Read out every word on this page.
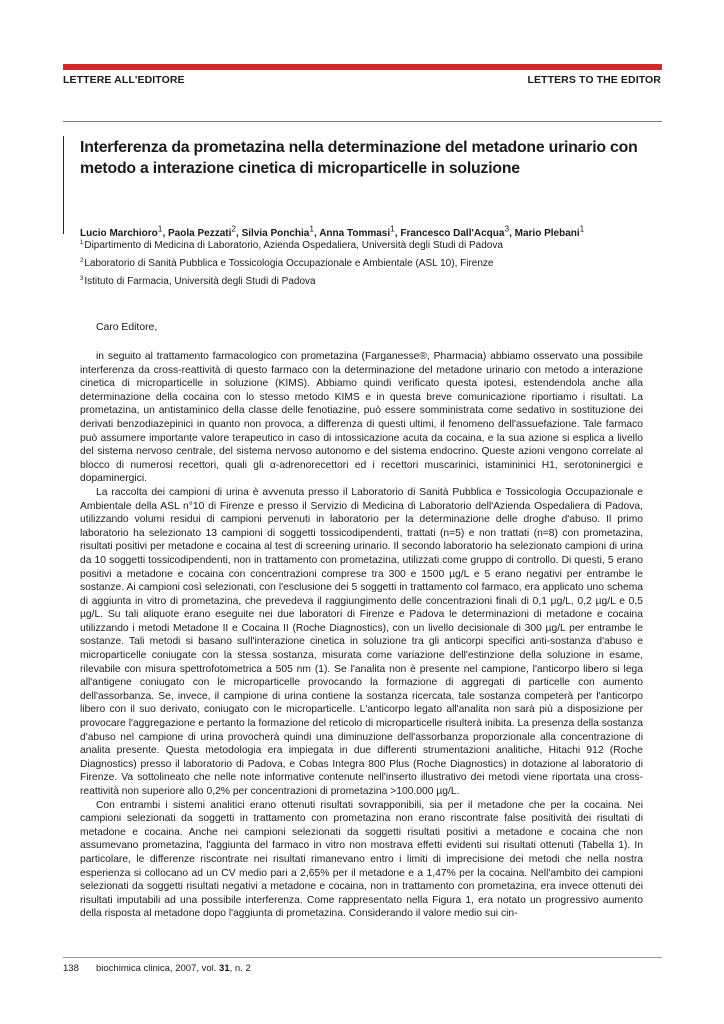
LETTERE ALL'EDITORE	LETTERS TO THE EDITOR
Interferenza da prometazina nella determinazione del metadone urinario con metodo a interazione cinetica di microparticelle in soluzione
Lucio Marchioro$^1$, Paola Pezzati$^2$, Silvia Ponchia$^1$, Anna Tommasi$^1$, Francesco Dall'Acqua$^3$, Mario Plebani$^1$
$^1$Dipartimento di Medicina di Laboratorio, Azienda Ospedaliera, Università degli Studi di Padova
$^2$Laboratorio di Sanità Pubblica e Tossicologia Occupazionale e Ambientale (ASL 10), Firenze
$^3$Istituto di Farmacia, Università degli Studi di Padova
Caro Editore,

in seguito al trattamento farmacologico con prometazina (Farganesse®, Pharmacia) abbiamo osservato una possibile interferenza da cross-reattività di questo farmaco con la determinazione del metadone urinario con metodo a interazione cinetica di microparticelle in soluzione (KIMS). Abbiamo quindi verificato questa ipotesi, estendendola anche alla determinazione della cocaina con lo stesso metodo KIMS e in questa breve comunicazione riportiamo i risultati. La prometazina, un antistaminico della classe delle fenotiazine, può essere somministrata come sedativo in sostituzione dei derivati benzodiazepinici in quanto non provoca, a differenza di questi ultimi, il fenomeno dell'assuefazione. Tale farmaco può assumere importante valore terapeutico in caso di intossicazione acuta da cocaina, e la sua azione si esplica a livello del sistema nervoso centrale, del sistema nervoso autonomo e del sistema endocrino. Queste azioni vengono correlate al blocco di numerosi recettori, quali gli α-adrenorecettori ed i recettori muscarinici, istamininici H1, serotoninergici e dopaminergici.

La raccolta dei campioni di urina è avvenuta presso il Laboratorio di Sanità Pubblica e Tossicologia Occupazionale e Ambientale della ASL n°10 di Firenze e presso il Servizio di Medicina di Laboratorio dell'Azienda Ospedaliera di Padova, utilizzando volumi residui di campioni pervenuti in laboratorio per la determinazione delle droghe d'abuso. Il primo laboratorio ha selezionato 13 campioni di soggetti tossicodipendenti, trattati (n=5) e non trattati (n=8) con prometazina, risultati positivi per metadone e cocaina al test di screening urinario. Il secondo laboratorio ha selezionato campioni di urina da 10 soggetti tossicodipendenti, non in trattamento con prometazina, utilizzati come gruppo di controllo. Di questi, 5 erano positivi a metadone e cocaina con concentrazioni comprese tra 300 e 1500 µg/L e 5 erano negativi per entrambe le sostanze. Ai campioni così selezionati, con l'esclusione dei 5 soggetti in trattamento col farmaco, era applicato uno schema di aggiunta in vitro di prometazina, che prevedeva il raggiungimento delle concentrazioni finali di 0,1 µg/L, 0,2 µg/L e 0,5 µg/L. Su tali aliquote erano eseguite nei due laboratori di Firenze e Padova le determinazioni di metadone e cocaina utilizzando i metodi Metadone II e Cocaina II (Roche Diagnostics), con un livello decisionale di 300 µg/L per entrambe le sostanze. Tali metodi si basano sull'interazione cinetica in soluzione tra gli anticorpi specifici anti-sostanza d'abuso e microparticelle coniugate con la stessa sostanza, misurata come variazione dell'estinzione della soluzione in esame, rilevabile con misura spettrofotometrica a 505 nm (1). Se l'analita non è presente nel campione, l'anticorpo libero si lega all'antigene coniugato con le microparticelle provocando la formazione di aggregati di particelle con aumento dell'assorbanza. Se, invece, il campione di urina contiene la sostanza ricercata, tale sostanza competerà per l'anticorpo libero con il suo derivato, coniugato con le microparticelle. L'anticorpo legato all'analita non sarà più a disposizione per provocare l'aggregazione e pertanto la formazione del reticolo di microparticelle risulterà inibita. La presenza della sostanza d'abuso nel campione di urina provocherà quindi una diminuzione dell'assorbanza proporzionale alla concentrazione di analita presente. Questa metodologia era impiegata in due differenti strumentazioni analitiche, Hitachi 912 (Roche Diagnostics) presso il laboratorio di Padova, e Cobas Integra 800 Plus (Roche Diagnostics) in dotazione al laboratorio di Firenze. Va sottolineato che nelle note informative contenute nell'inserto illustrativo dei metodi viene riportata una cross-reattività non superiore allo 0,2% per concentrazioni di prometazina >100.000 µg/L.

Con entrambi i sistemi analitici erano ottenuti risultati sovrapponibili, sia per il metadone che per la cocaina. Nei campioni selezionati da soggetti in trattamento con prometazina non erano riscontrate false positività dei risultati di metadone e cocaina. Anche nei campioni selezionati da soggetti risultati positivi a metadone e cocaina che non assumevano prometazina, l'aggiunta del farmaco in vitro non mostrava effetti evidenti sui risultati ottenuti (Tabella 1). In particolare, le differenze riscontrate nei risultati rimanevano entro i limiti di imprecisione dei metodi che nella nostra esperienza si collocano ad un CV medio pari a 2,65% per il metadone e a 1,47% per la cocaina. Nell'ambito dei campioni selezionati da soggetti risultati negativi a metadone e cocaina, non in trattamento con prometazina, era invece ottenuti dei risultati imputabili ad una possibile interferenza. Come rappresentato nella Figura 1, era notato un progressivo aumento della risposta al metadone dopo l'aggiunta di prometazina. Considerando il valore medio sui cin-

138 biochimica clinica, 2007, vol. 31, n. 2
